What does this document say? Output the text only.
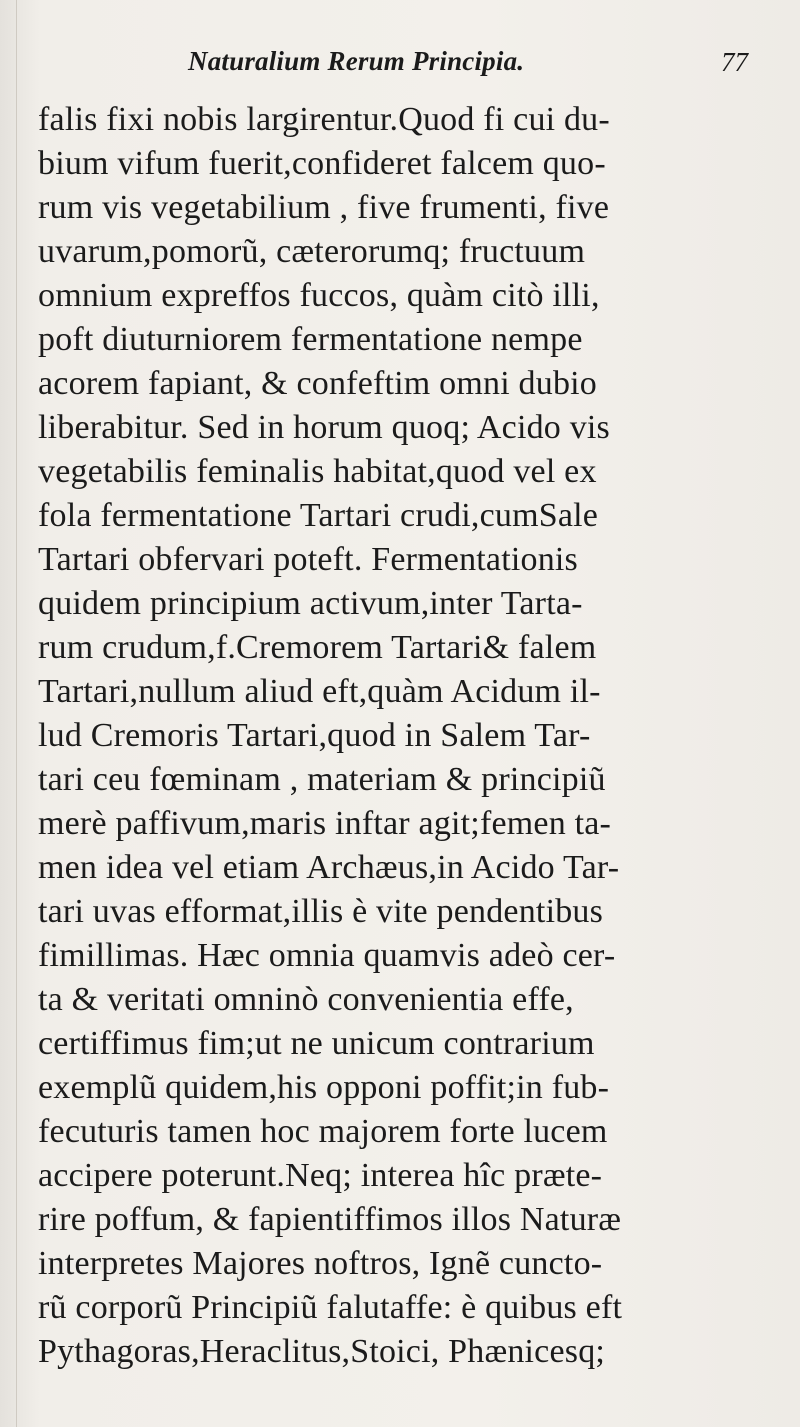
Naturalium Rerum Principia.	77
falis fixi nobis largirentur.Quod fi cui du-
bium vifum fuerit,confideret falcem quo-
rum vis vegetabilium , five frumenti, five
uvarum,pomorũ, cæterorumq; fructuum
omnium expreffos fuccos, quàm citò illi,
poft diuturniorem fermentatione nempe
acorem fapiant, & confeftim omni dubio
liberabitur. Sed in horum quoq; Acido vis
vegetabilis feminalis habitat,quod vel ex
fola fermentatione Tartari crudi,cumSale
Tartari obfervari poteft. Fermentationis
quidem principium activum,inter Tarta-
rum crudum,f.Cremorem Tartari& falem
Tartari,nullum aliud eft,quàm Acidum il-
lud Cremoris Tartari,quod in Salem Tar-
tari ceu fœminam , materiam & principiũ
merè paffivum,maris inftar agit;femen ta-
men idea vel etiam Archæus,in Acido Tar-
tari uvas efformat,illis è vite pendentibus
fimillimas. Hæc omnia quamvis adeò cer-
ta & veritati omninò convenientia effe,
certiffimus fim;ut ne unicum contrarium
exemplũ quidem,his opponi poffit;in fub-
fecuturis tamen hoc majorem forte lucem
accipere poterunt.Neq; interea hîc præte-
rire poffum, & fapientiffimos illos Naturæ
interpretes Majores noftros, Ignẽ cuncto-
rũ corporũ Principiũ falutaffe: è quibus eft
Pythagoras,Heraclitus,Stoici, Phænicesq;
